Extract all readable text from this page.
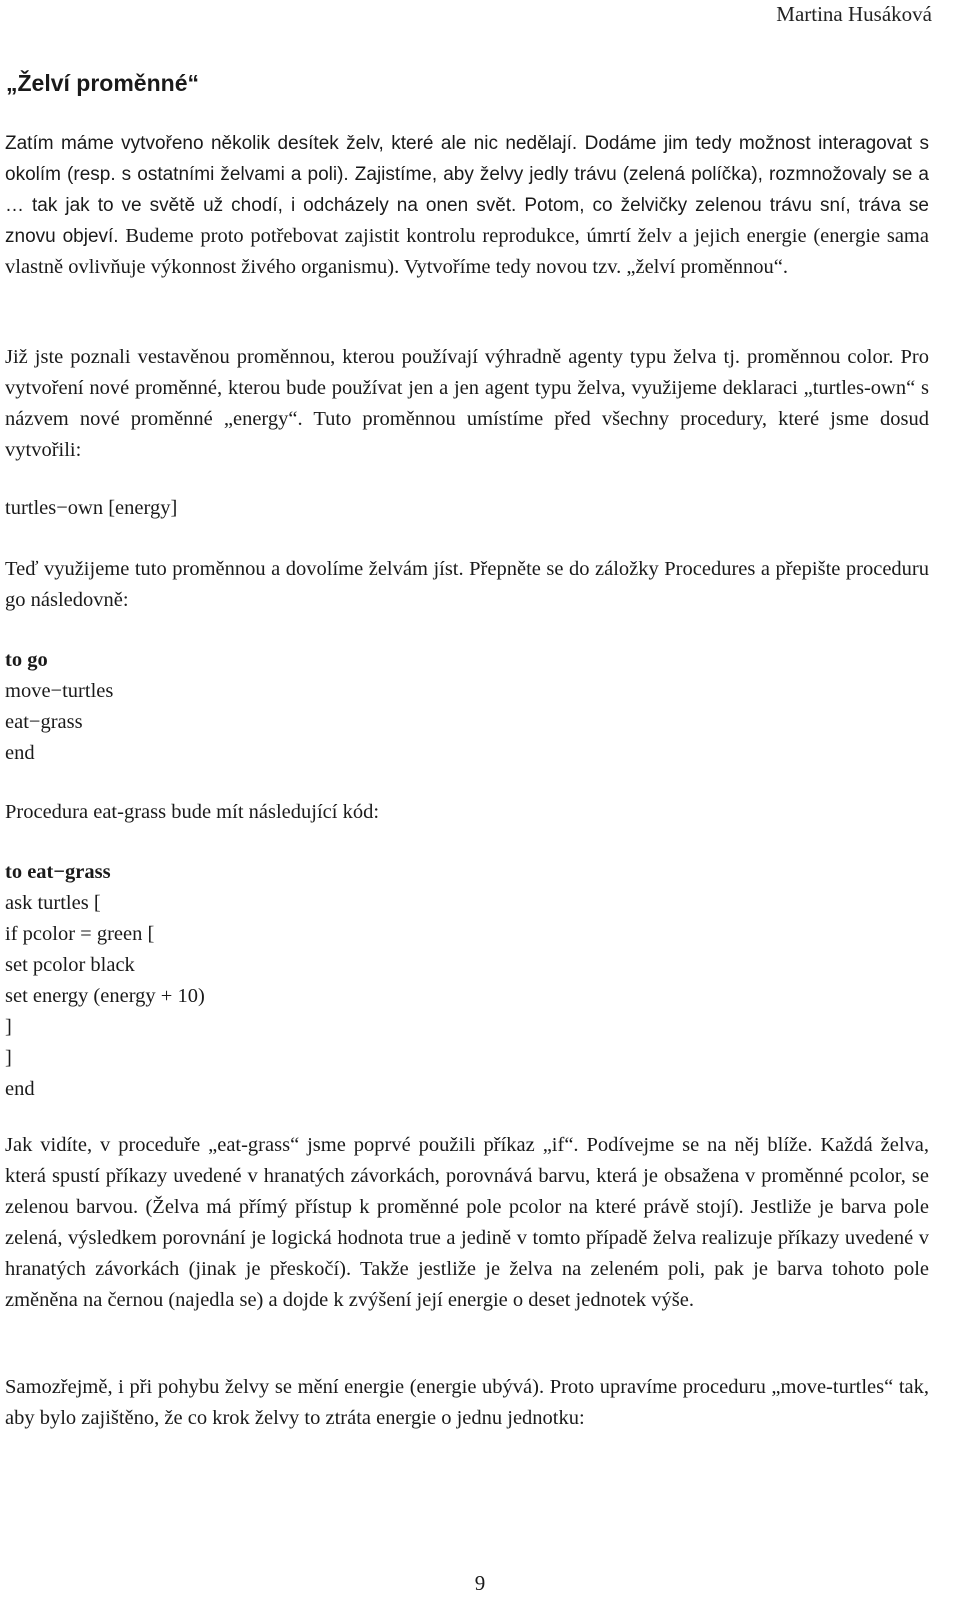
Martina Husáková
„Želví proměnné“

Zatím máme vytvořeno několik desítek želv, které ale nic nedělají. Dodáme jim tedy možnost interagovat s okolím (resp. s ostatními želvami a poli). Zajistíme, aby želvy jedly trávu (zelená políčka), rozmnožovaly se a … tak jak to ve světě už chodí, i odcházely na onen svět. Potom, co želvičky zelenou trávu sní, tráva se znovu objeví. Budeme proto potřebovat zajistit kontrolu reprodukce, úmrtí želv a jejich energie (energie sama vlastně ovlivňuje výkonnost živého organismu). Vytvoříme tedy novou tzv. „želví proměnnou“.

Již jste poznali vestavěnou proměnnou, kterou používají výhradně agenty typu želva tj. proměnnou color. Pro vytvoření nové proměnné, kterou bude používat jen a jen agent typu želva, využijeme deklaraci „turtles-own“ s názvem nové proměnné „energy“. Tuto proměnnou umístíme před všechny procedury, které jsme dosud vytvořili:

turtles−own [energy]

Teď využijeme tuto proměnnou a dovolíme želvám jíst. Přepněte se do záložky Procedures a přepište proceduru go následovně:

to go
move−turtles
eat−grass
end

Procedura eat-grass bude mít následující kód:

to eat−grass
ask turtles [
if pcolor = green [
set pcolor black
set energy (energy + 10)
]
]
end

Jak vidíte, v proceduře „eat-grass“ jsme poprvé použili příkaz „if“. Podívejme se na něj blíže. Každá želva, která spustí příkazy uvedené v hranatých závorkách, porovnává barvu, která je obsažena v proměnné pcolor, se zelenou barvou. (Želva má přímý přístup k proměnné pole pcolor na které právě stojí). Jestliže je barva pole zelená, výsledkem porovnání je logická hodnota true a jedině v tomto případě želva realizuje příkazy uvedené v hranatých závorkách (jinak je přeskočí). Takže jestliže je želva na zeleném poli, pak je barva tohoto pole změněna na černou (najedla se) a dojde k zvýšení její energie o deset jednotek výše.

Samozřejmě, i při pohybu želvy se mění energie (energie ubývá). Proto upravíme proceduru „move-turtles“ tak, aby bylo zajištěno, že co krok želvy to ztráta energie o jednu jednotku:

9
